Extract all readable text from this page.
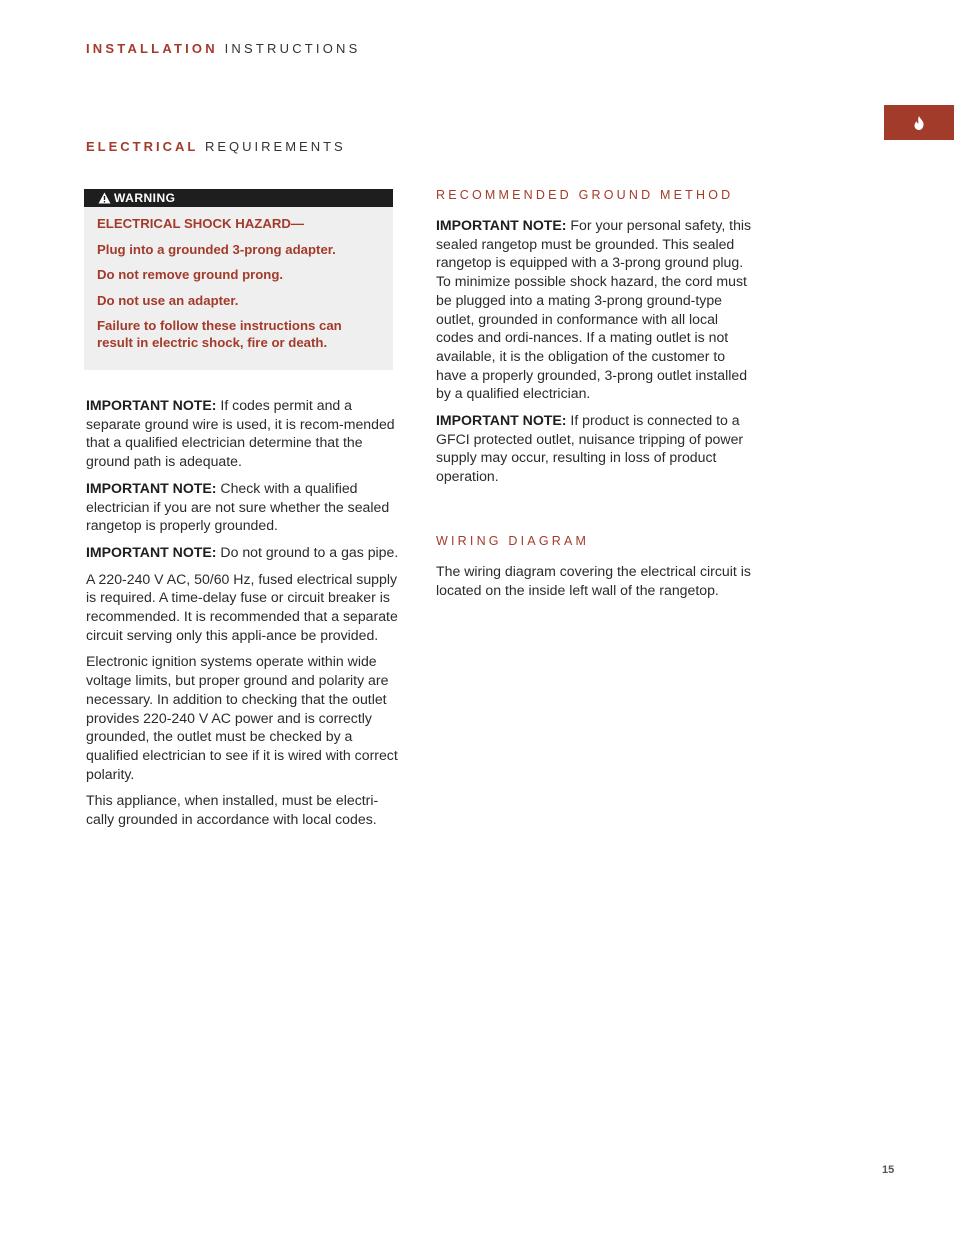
INSTALLATION INSTRUCTIONS
ELECTRICAL REQUIREMENTS
WARNING
ELECTRICAL SHOCK HAZARD—
Plug into a grounded 3-prong adapter.
Do not remove ground prong.
Do not use an adapter.
Failure to follow these instructions can result in electric shock, fire or death.

IMPORTANT NOTE: If codes permit and a separate ground wire is used, it is recom-mended that a qualified electrician determine that the ground path is adequate.

IMPORTANT NOTE: Check with a qualified electrician if you are not sure whether the sealed rangetop is properly grounded.

IMPORTANT NOTE: Do not ground to a gas pipe.

A 220-240 V AC, 50/60 Hz, fused electrical supply is required. A time-delay fuse or circuit breaker is recommended. It is recommended that a separate circuit serving only this appli-ance be provided.

Electronic ignition systems operate within wide voltage limits, but proper ground and polarity are necessary. In addition to checking that the outlet provides 220-240 V AC power and is correctly grounded, the outlet must be checked by a qualified electrician to see if it is wired with correct polarity.

This appliance, when installed, must be electri-cally grounded in accordance with local codes.

RECOMMENDED GROUND METHOD

IMPORTANT NOTE: For your personal safety, this sealed rangetop must be grounded. This sealed rangetop is equipped with a 3-prong ground plug. To minimize possible shock hazard, the cord must be plugged into a mating 3-prong ground-type outlet, grounded in conformance with all local codes and ordi-nances. If a mating outlet is not available, it is the obligation of the customer to have a properly grounded, 3-prong outlet installed by a qualified electrician.

IMPORTANT NOTE: If product is connected to a GFCI protected outlet, nuisance tripping of power supply may occur, resulting in loss of product operation.

WIRING DIAGRAM

The wiring diagram covering the electrical circuit is located on the inside left wall of the rangetop.

15
